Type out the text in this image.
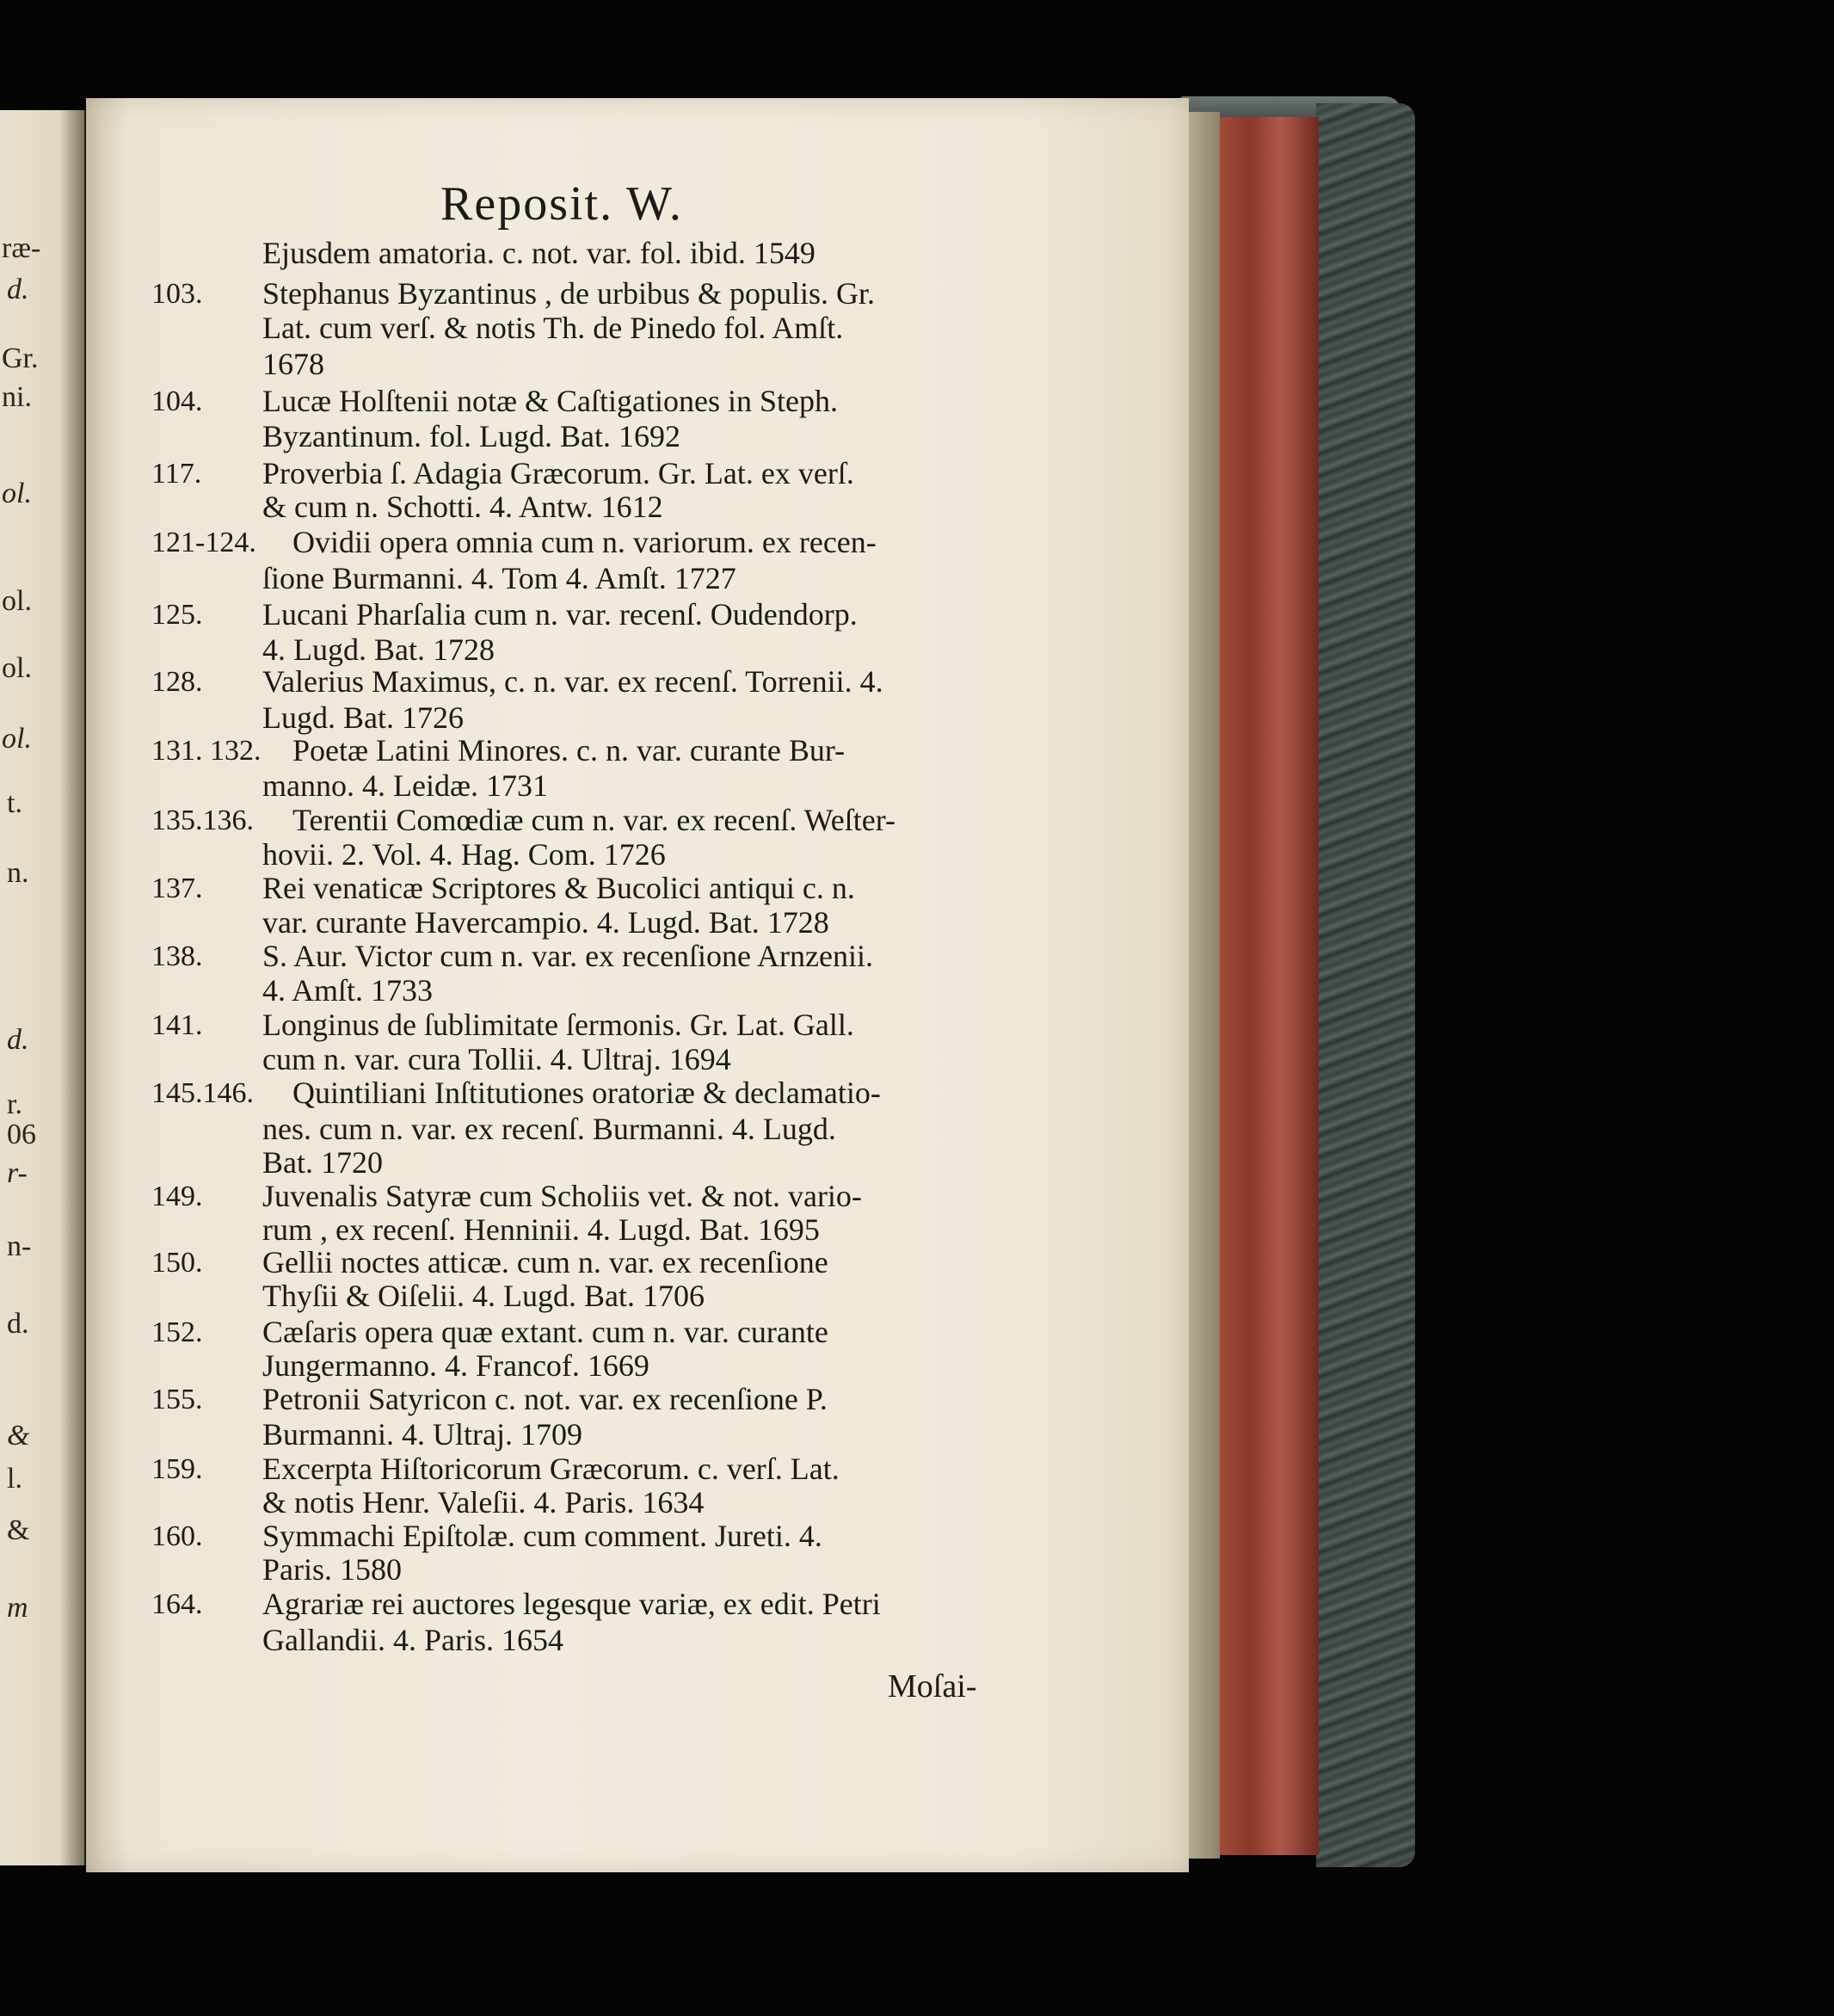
Reposit. W.
ræ-
d.
Gr.
ni.
ol.
ol.
ol.
ol.
t.
n.
d.
r.
06
r-
n-
d.
&
l.
&
m
Ejusdem amatoria. c. not. var. fol. ibid. 1549
103. Stephanus Byzantinus , de urbibus & populis. Gr.
Lat. cum verſ. & notis Th. de Pinedo fol. Amſt.
1678
104. Lucæ Holſtenii notæ & Caſtigationes in Steph.
Byzantinum. fol. Lugd. Bat. 1692
117. Proverbia ſ. Adagia Græcorum. Gr. Lat. ex verſ.
& cum n. Schotti. 4. Antw. 1612
121-124. Ovidii opera omnia cum n. variorum. ex recen-
ſione Burmanni. 4. Tom 4. Amſt. 1727
125. Lucani Pharſalia cum n. var. recenſ. Oudendorp.
4. Lugd. Bat. 1728
128. Valerius Maximus, c. n. var. ex recenſ. Torrenii. 4.
Lugd. Bat. 1726
131. 132. Poetæ Latini Minores. c. n. var. curante Bur-
manno. 4. Leidæ. 1731
135.136. Terentii Comœdiæ cum n. var. ex recenſ. Weſter-
hovii. 2. Vol. 4. Hag. Com. 1726
137. Rei venaticæ Scriptores & Bucolici antiqui c. n.
var. curante Havercampio. 4. Lugd. Bat. 1728
138. S. Aur. Victor cum n. var. ex recenſione Arnzenii.
4. Amſt. 1733
141. Longinus de ſublimitate ſermonis. Gr. Lat. Gall.
cum n. var. cura Tollii. 4. Ultraj. 1694
145.146. Quintiliani Inſtitutiones oratoriæ & declamatio-
nes. cum n. var. ex recenſ. Burmanni. 4. Lugd.
Bat. 1720
149. Juvenalis Satyræ cum Scholiis vet. & not. vario-
rum , ex recenſ. Henninii. 4. Lugd. Bat. 1695
150. Gellii noctes atticæ. cum n. var. ex recenſione
Thyſii & Oiſelii. 4. Lugd. Bat. 1706
152. Cæſaris opera quæ extant. cum n. var. curante
Jungermanno. 4. Francof. 1669
155. Petronii Satyricon c. not. var. ex recenſione P.
Burmanni. 4. Ultraj. 1709
159. Excerpta Hiſtoricorum Græcorum. c. verſ. Lat.
& notis Henr. Valeſii. 4. Paris. 1634
160. Symmachi Epiſtolæ. cum comment. Jureti. 4.
Paris. 1580
164. Agrariæ rei auctores legesque variæ, ex edit. Petri
Gallandii. 4. Paris. 1654
Moſai-
